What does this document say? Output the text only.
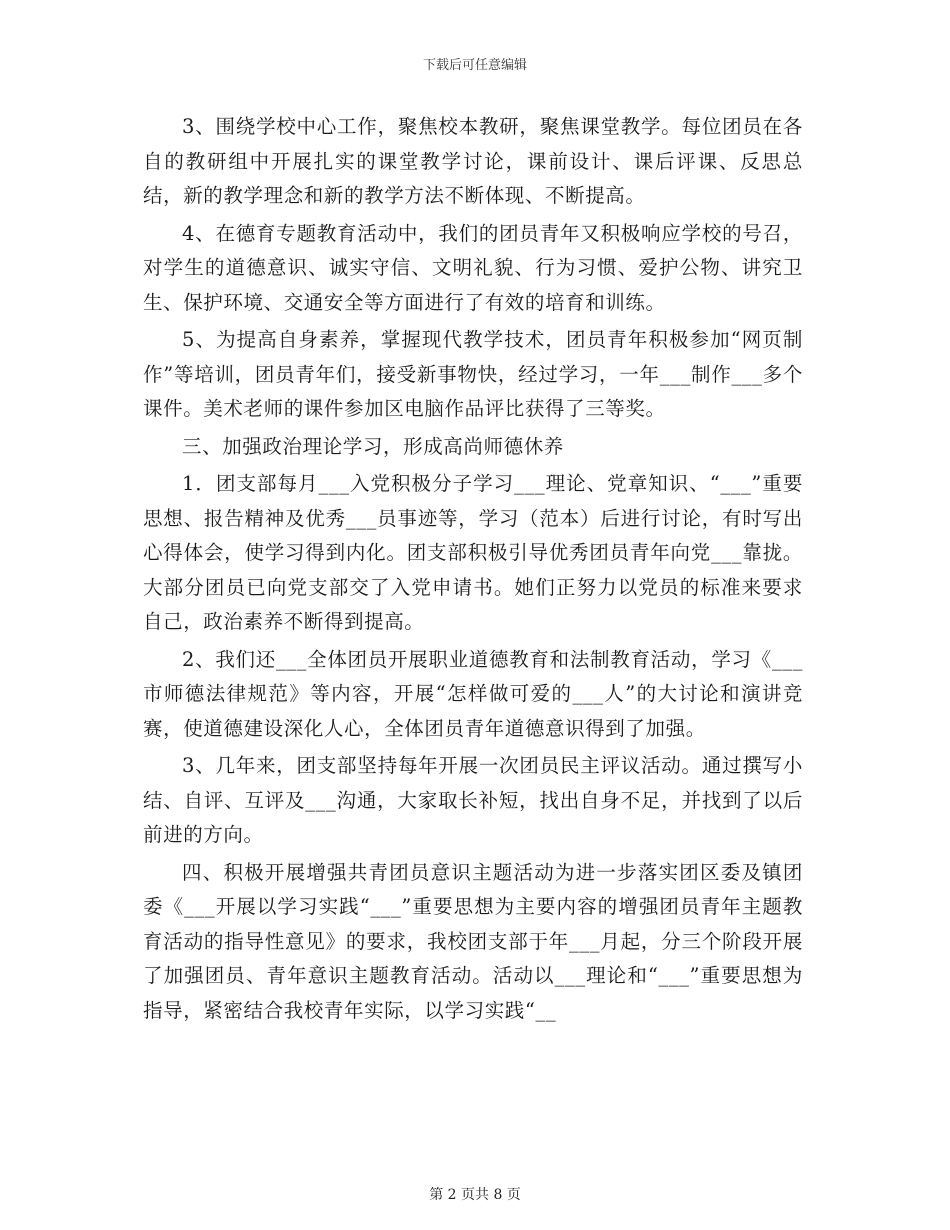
下载后可任意编辑

3、围绕学校中心工作，聚焦校本教研，聚焦课堂教学。每位团员在各自的教研组中开展扎实的课堂教学讨论，课前设计、课后评课、反思总结，新的教学理念和新的教学方法不断体现、不断提高。

4、在德育专题教育活动中，我们的团员青年又积极响应学校的号召，对学生的道德意识、诚实守信、文明礼貌、行为习惯、爱护公物、讲究卫生、保护环境、交通安全等方面进行了有效的培育和训练。

5、为提高自身素养，掌握现代教学技术，团员青年积极参加“网页制作”等培训，团员青年们，接受新事物快，经过学习，一年___制作___多个课件。美术老师的课件参加区电脑作品评比获得了三等奖。

三、加强政治理论学习，形成高尚师德休养

1．团支部每月___入党积极分子学习___理论、党章知识、“___”重要思想、报告精神及优秀___员事迹等，学习（范本）后进行讨论，有时写出心得体会，使学习得到内化。团支部积极引导优秀团员青年向党___靠拢。大部分团员已向党支部交了入党申请书。她们正努力以党员的标准来要求自己，政治素养不断得到提高。

2、我们还___全体团员开展职业道德教育和法制教育活动，学习《___市师德法律规范》等内容，开展“怎样做可爱的___人”的大讨论和演讲竞赛，使道德建设深化人心，全体团员青年道德意识得到了加强。

3、几年来，团支部坚持每年开展一次团员民主评议活动。通过撰写小结、自评、互评及___沟通，大家取长补短，找出自身不足，并找到了以后前进的方向。

四、积极开展增强共青团员意识主题活动为进一步落实团区委及镇团委《___开展以学习实践“___”重要思想为主要内容的增强团员青年主题教育活动的指导性意见》的要求，我校团支部于年___月起，分三个阶段开展了加强团员、青年意识主题教育活动。活动以___理论和“___”重要思想为指导，紧密结合我校青年实际，以学习实践“__

第 2 页共 8 页
